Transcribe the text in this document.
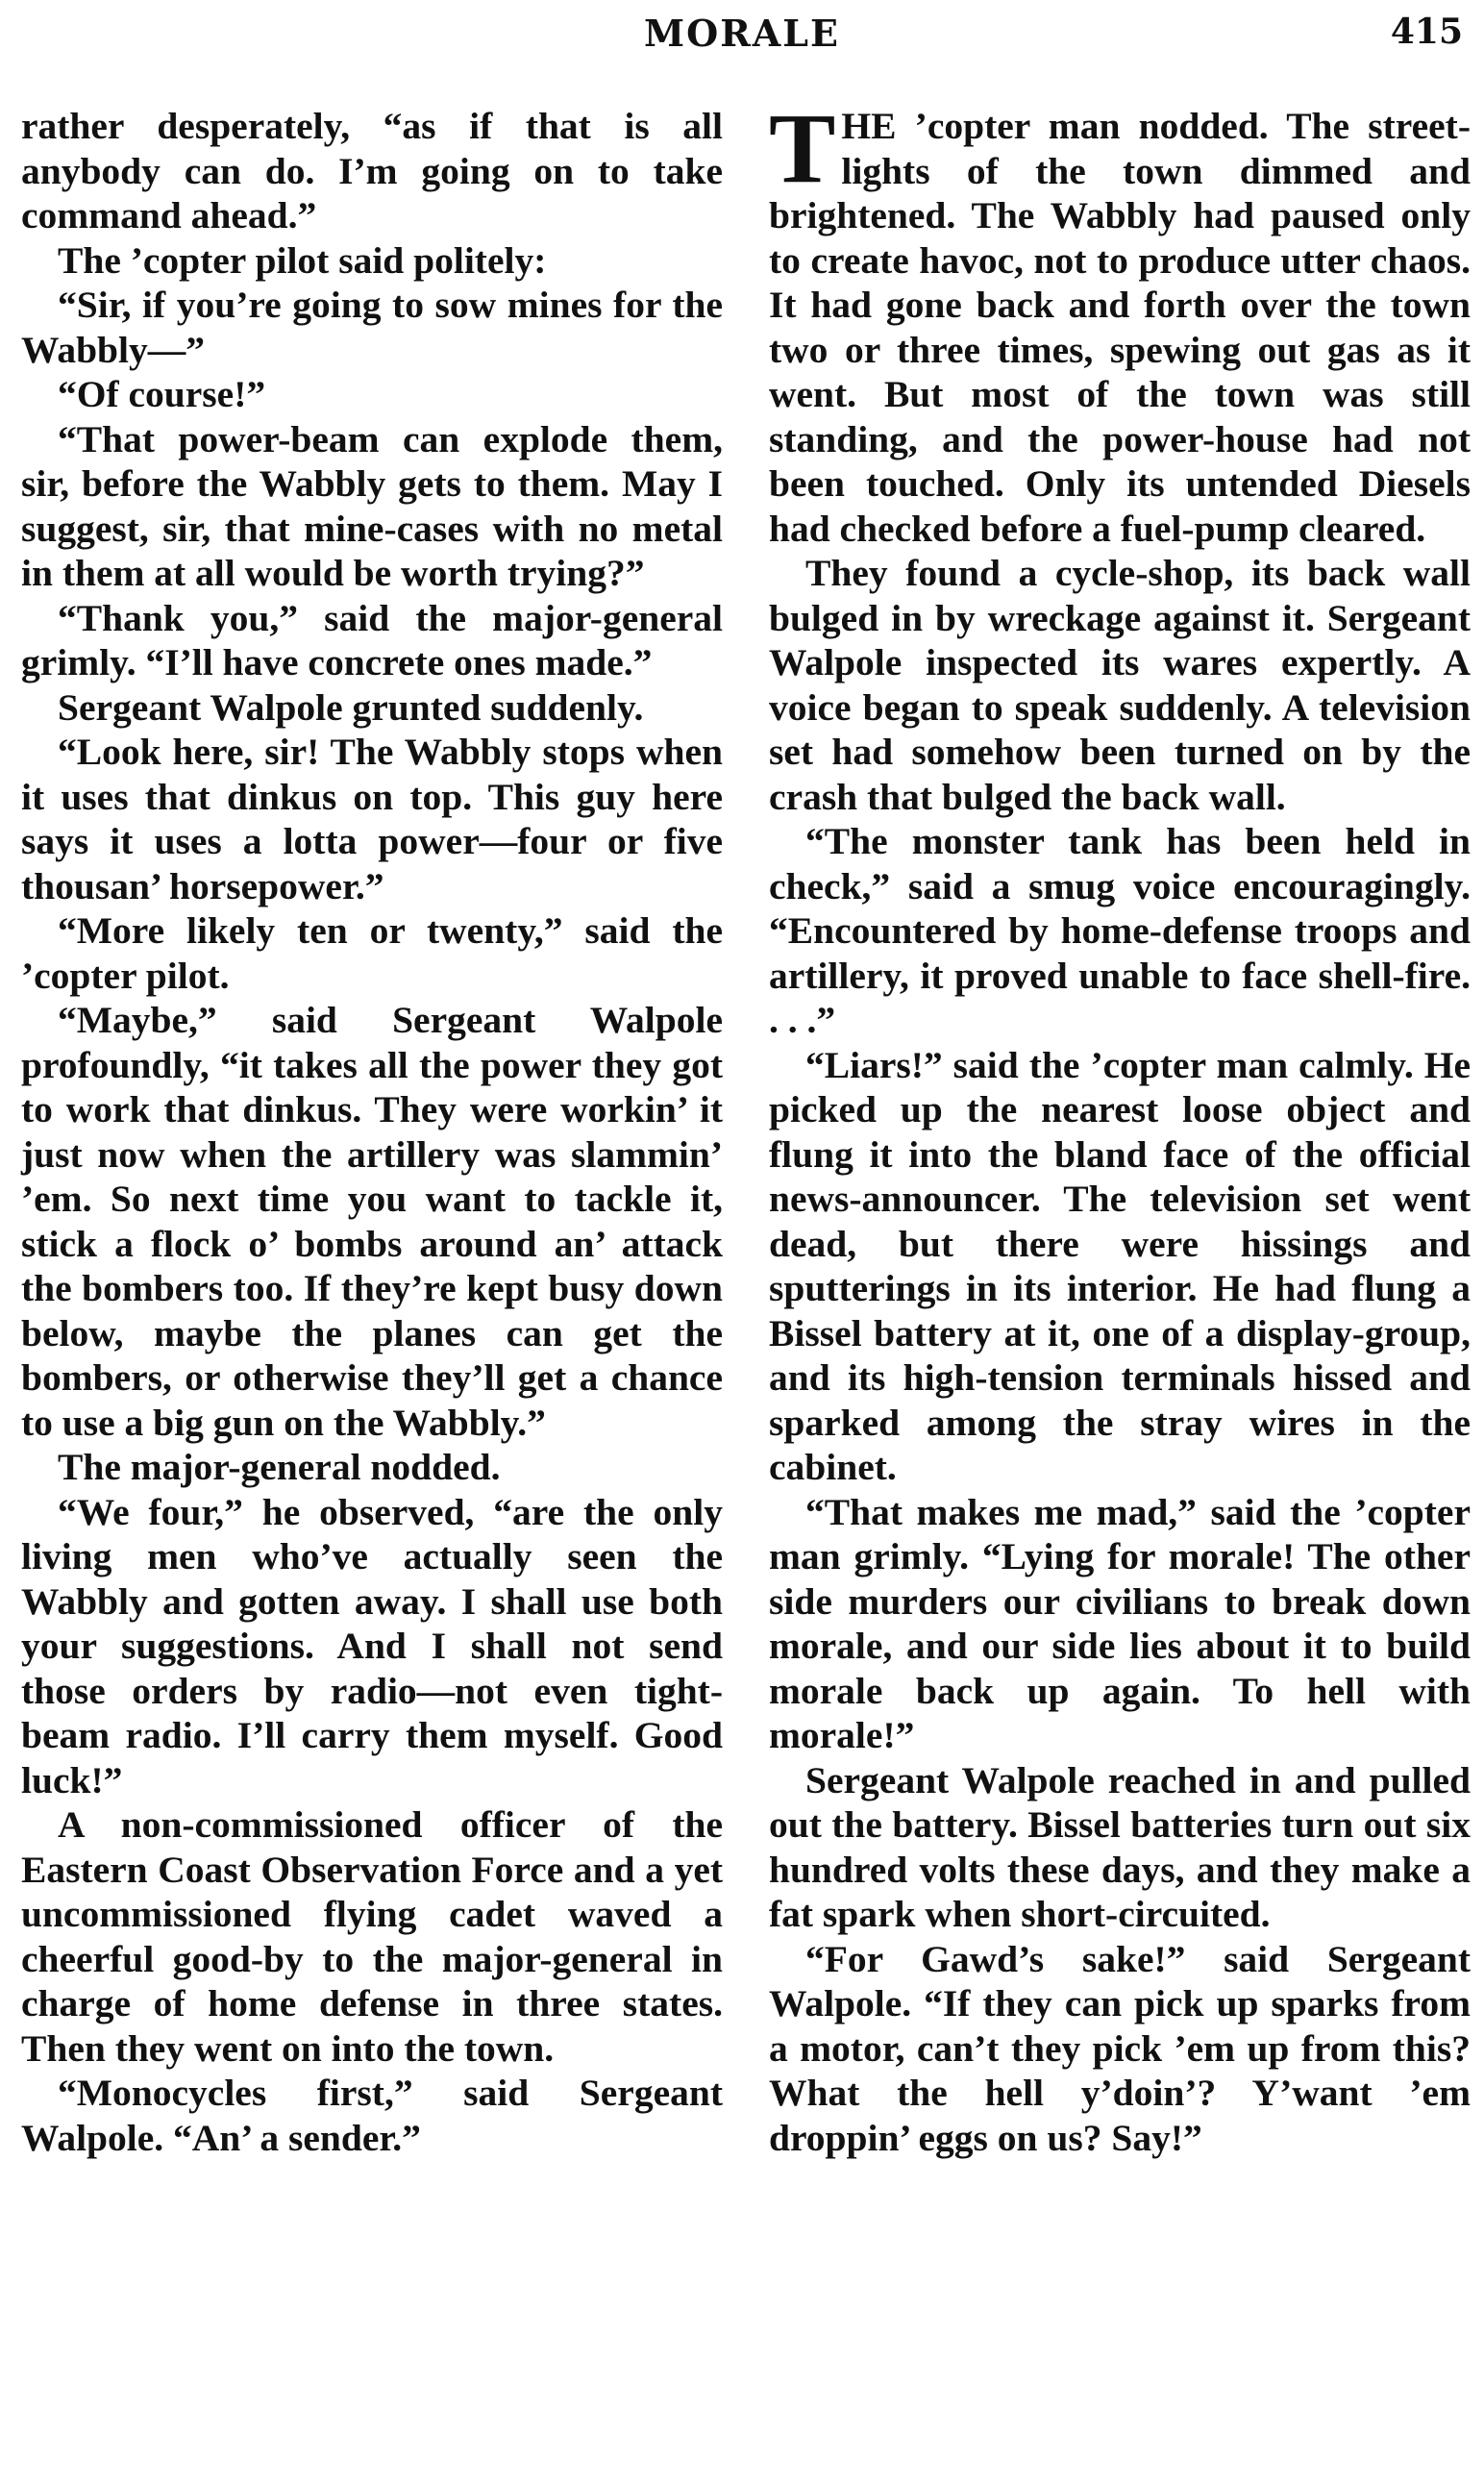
MORALE	415

rather desperately, “as if that is all anybody can do. I’m going on to take command ahead.”

The ’copter pilot said politely:

“Sir, if you’re going to sow mines for the Wabbly—”

“Of course!”

“That power-beam can explode them, sir, before the Wabbly gets to them. May I suggest, sir, that mine-cases with no metal in them at all would be worth trying?”

“Thank you,” said the major-general grimly. “I’ll have concrete ones made.”

Sergeant Walpole grunted suddenly.

“Look here, sir! The Wabbly stops when it uses that dinkus on top. This guy here says it uses a lotta power—four or five thousan’ horsepower.”

“More likely ten or twenty,” said the ’copter pilot.

“Maybe,” said Sergeant Walpole profoundly, “it takes all the power they got to work that dinkus. They were workin’ it just now when the artillery was slammin’ ’em. So next time you want to tackle it, stick a flock o’ bombs around an’ attack the bombers too. If they’re kept busy down below, maybe the planes can get the bombers, or otherwise they’ll get a chance to use a big gun on the Wabbly.”

The major-general nodded.

“We four,” he observed, “are the only living men who’ve actually seen the Wabbly and gotten away. I shall use both your suggestions. And I shall not send those orders by radio—not even tight-beam radio. I’ll carry them myself. Good luck!”

A non-commissioned officer of the Eastern Coast Observation Force and a yet uncommissioned flying cadet waved a cheerful good-by to the major-general in charge of home defense in three states. Then they went on into the town.

“Monocycles first,” said Sergeant Walpole. “An’ a sender.”

THE ’copter man nodded. The street-lights of the town dimmed and brightened. The Wabbly had paused only to create havoc, not to produce utter chaos. It had gone back and forth over the town two or three times, spewing out gas as it went. But most of the town was still standing, and the power-house had not been touched. Only its untended Diesels had checked before a fuel-pump cleared.

They found a cycle-shop, its back wall bulged in by wreckage against it. Sergeant Walpole inspected its wares expertly. A voice began to speak suddenly. A television set had somehow been turned on by the crash that bulged the back wall.

“The monster tank has been held in check,” said a smug voice encouragingly. “Encountered by home-defense troops and artillery, it proved unable to face shell-fire. . . .”

“Liars!” said the ’copter man calmly. He picked up the nearest loose object and flung it into the bland face of the official news-announcer. The television set went dead, but there were hissings and sputterings in its interior. He had flung a Bissel battery at it, one of a display-group, and its high-tension terminals hissed and sparked among the stray wires in the cabinet.

“That makes me mad,” said the ’copter man grimly. “Lying for morale! The other side murders our civilians to break down morale, and our side lies about it to build morale back up again. To hell with morale!”

Sergeant Walpole reached in and pulled out the battery. Bissel batteries turn out six hundred volts these days, and they make a fat spark when short-circuited.

“For Gawd’s sake!” said Sergeant Walpole. “If they can pick up sparks from a motor, can’t they pick ’em up from this? What the hell y’doin’? Y’want ’em droppin’ eggs on us? Say!”
